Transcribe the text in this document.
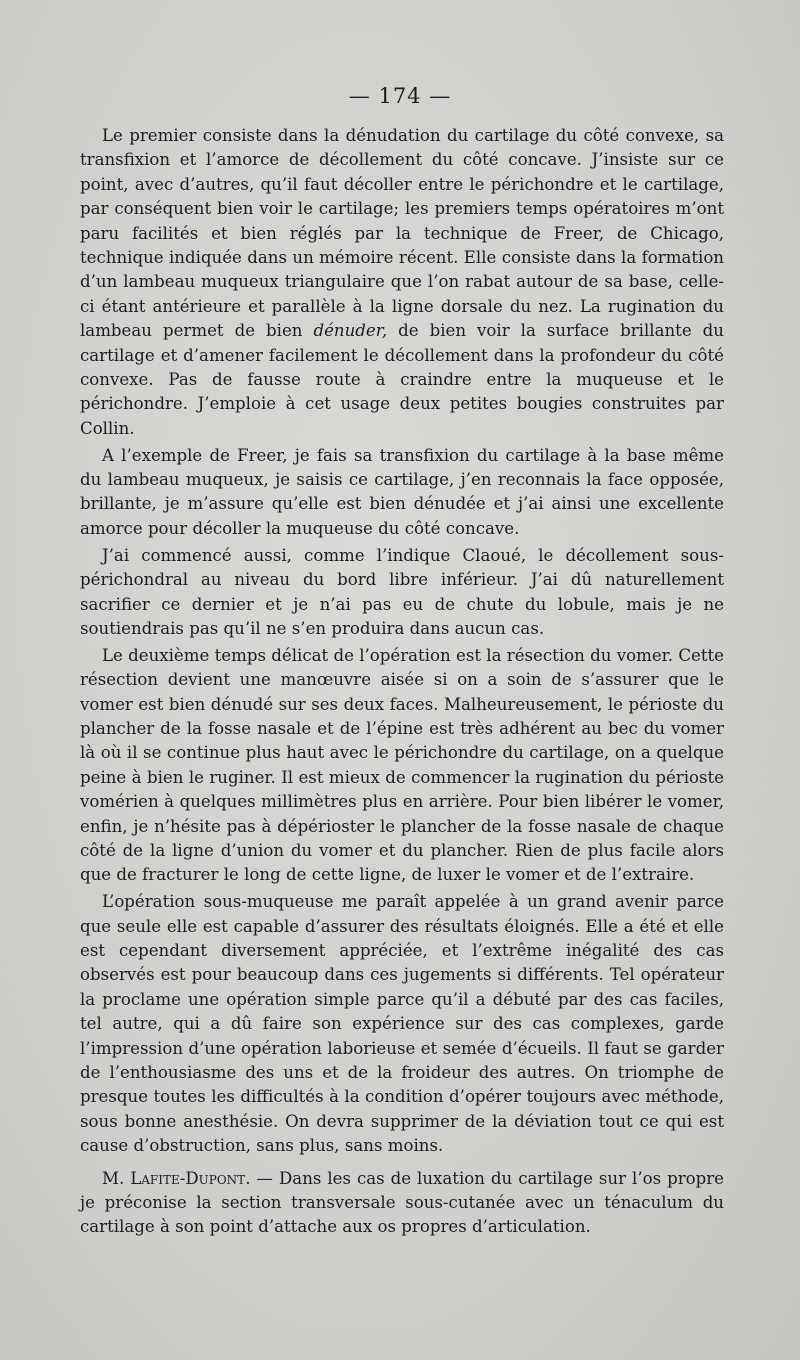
— 174 —

Le premier consiste dans la dénudation du cartilage du côté convexe, sa transfixion et l’amorce de décollement du côté concave. J’insiste sur ce point, avec d’autres, qu’il faut décoller entre le périchondre et le cartilage, par conséquent bien voir le cartilage; les premiers temps opératoires m’ont paru facilités et bien réglés par la technique de Freer, de Chicago, technique indiquée dans un mémoire récent. Elle consiste dans la formation d’un lambeau muqueux triangulaire que l’on rabat autour de sa base, celle-ci étant antérieure et parallèle à la ligne dorsale du nez. La rugination du lambeau permet de bien dénuder, de bien voir la surface brillante du cartilage et d’amener facilement le décollement dans la profondeur du côté convexe. Pas de fausse route à craindre entre la muqueuse et le périchondre. J’emploie à cet usage deux petites bougies construites par Collin.

A l’exemple de Freer, je fais sa transfixion du cartilage à la base même du lambeau muqueux, je saisis ce cartilage, j’en reconnais la face opposée, brillante, je m’assure qu’elle est bien dénudée et j’ai ainsi une excellente amorce pour décoller la muqueuse du côté concave.

J’ai commencé aussi, comme l’indique Claoué, le décollement sous-périchondral au niveau du bord libre inférieur. J’ai dû naturellement sacrifier ce dernier et je n’ai pas eu de chute du lobule, mais je ne soutiendrais pas qu’il ne s’en produira dans aucun cas.

Le deuxième temps délicat de l’opération est la résection du vomer. Cette résection devient une manœuvre aisée si on a soin de s’assurer que le vomer est bien dénudé sur ses deux faces. Malheureusement, le périoste du plancher de la fosse nasale et de l’épine est très adhérent au bec du vomer là où il se continue plus haut avec le périchondre du cartilage, on a quelque peine à bien le ruginer. Il est mieux de commencer la rugination du périoste vomérien à quelques millimètres plus en arrière. Pour bien libérer le vomer, enfin, je n’hésite pas à dépérioster le plancher de la fosse nasale de chaque côté de la ligne d’union du vomer et du plancher. Rien de plus facile alors que de fracturer le long de cette ligne, de luxer le vomer et de l’extraire.

L’opération sous-muqueuse me paraît appelée à un grand avenir parce que seule elle est capable d’assurer des résultats éloignés. Elle a été et elle est cependant diversement appréciée, et l’extrême inégalité des cas observés est pour beaucoup dans ces jugements si différents. Tel opérateur la proclame une opération simple parce qu’il a débuté par des cas faciles, tel autre, qui a dû faire son expérience sur des cas complexes, garde l’impression d’une opération laborieuse et semée d’écueils. Il faut se garder de l’enthousiasme des uns et de la froideur des autres. On triomphe de presque toutes les difficultés à la condition d’opérer toujours avec méthode, sous bonne anesthésie. On devra supprimer de la déviation tout ce qui est cause d’obstruction, sans plus, sans moins.

M. Lafite-Dupont. — Dans les cas de luxation du cartilage sur l’os propre je préconise la section transversale sous-cutanée avec un ténaculum du cartilage à son point d’attache aux os propres d’articulation.
